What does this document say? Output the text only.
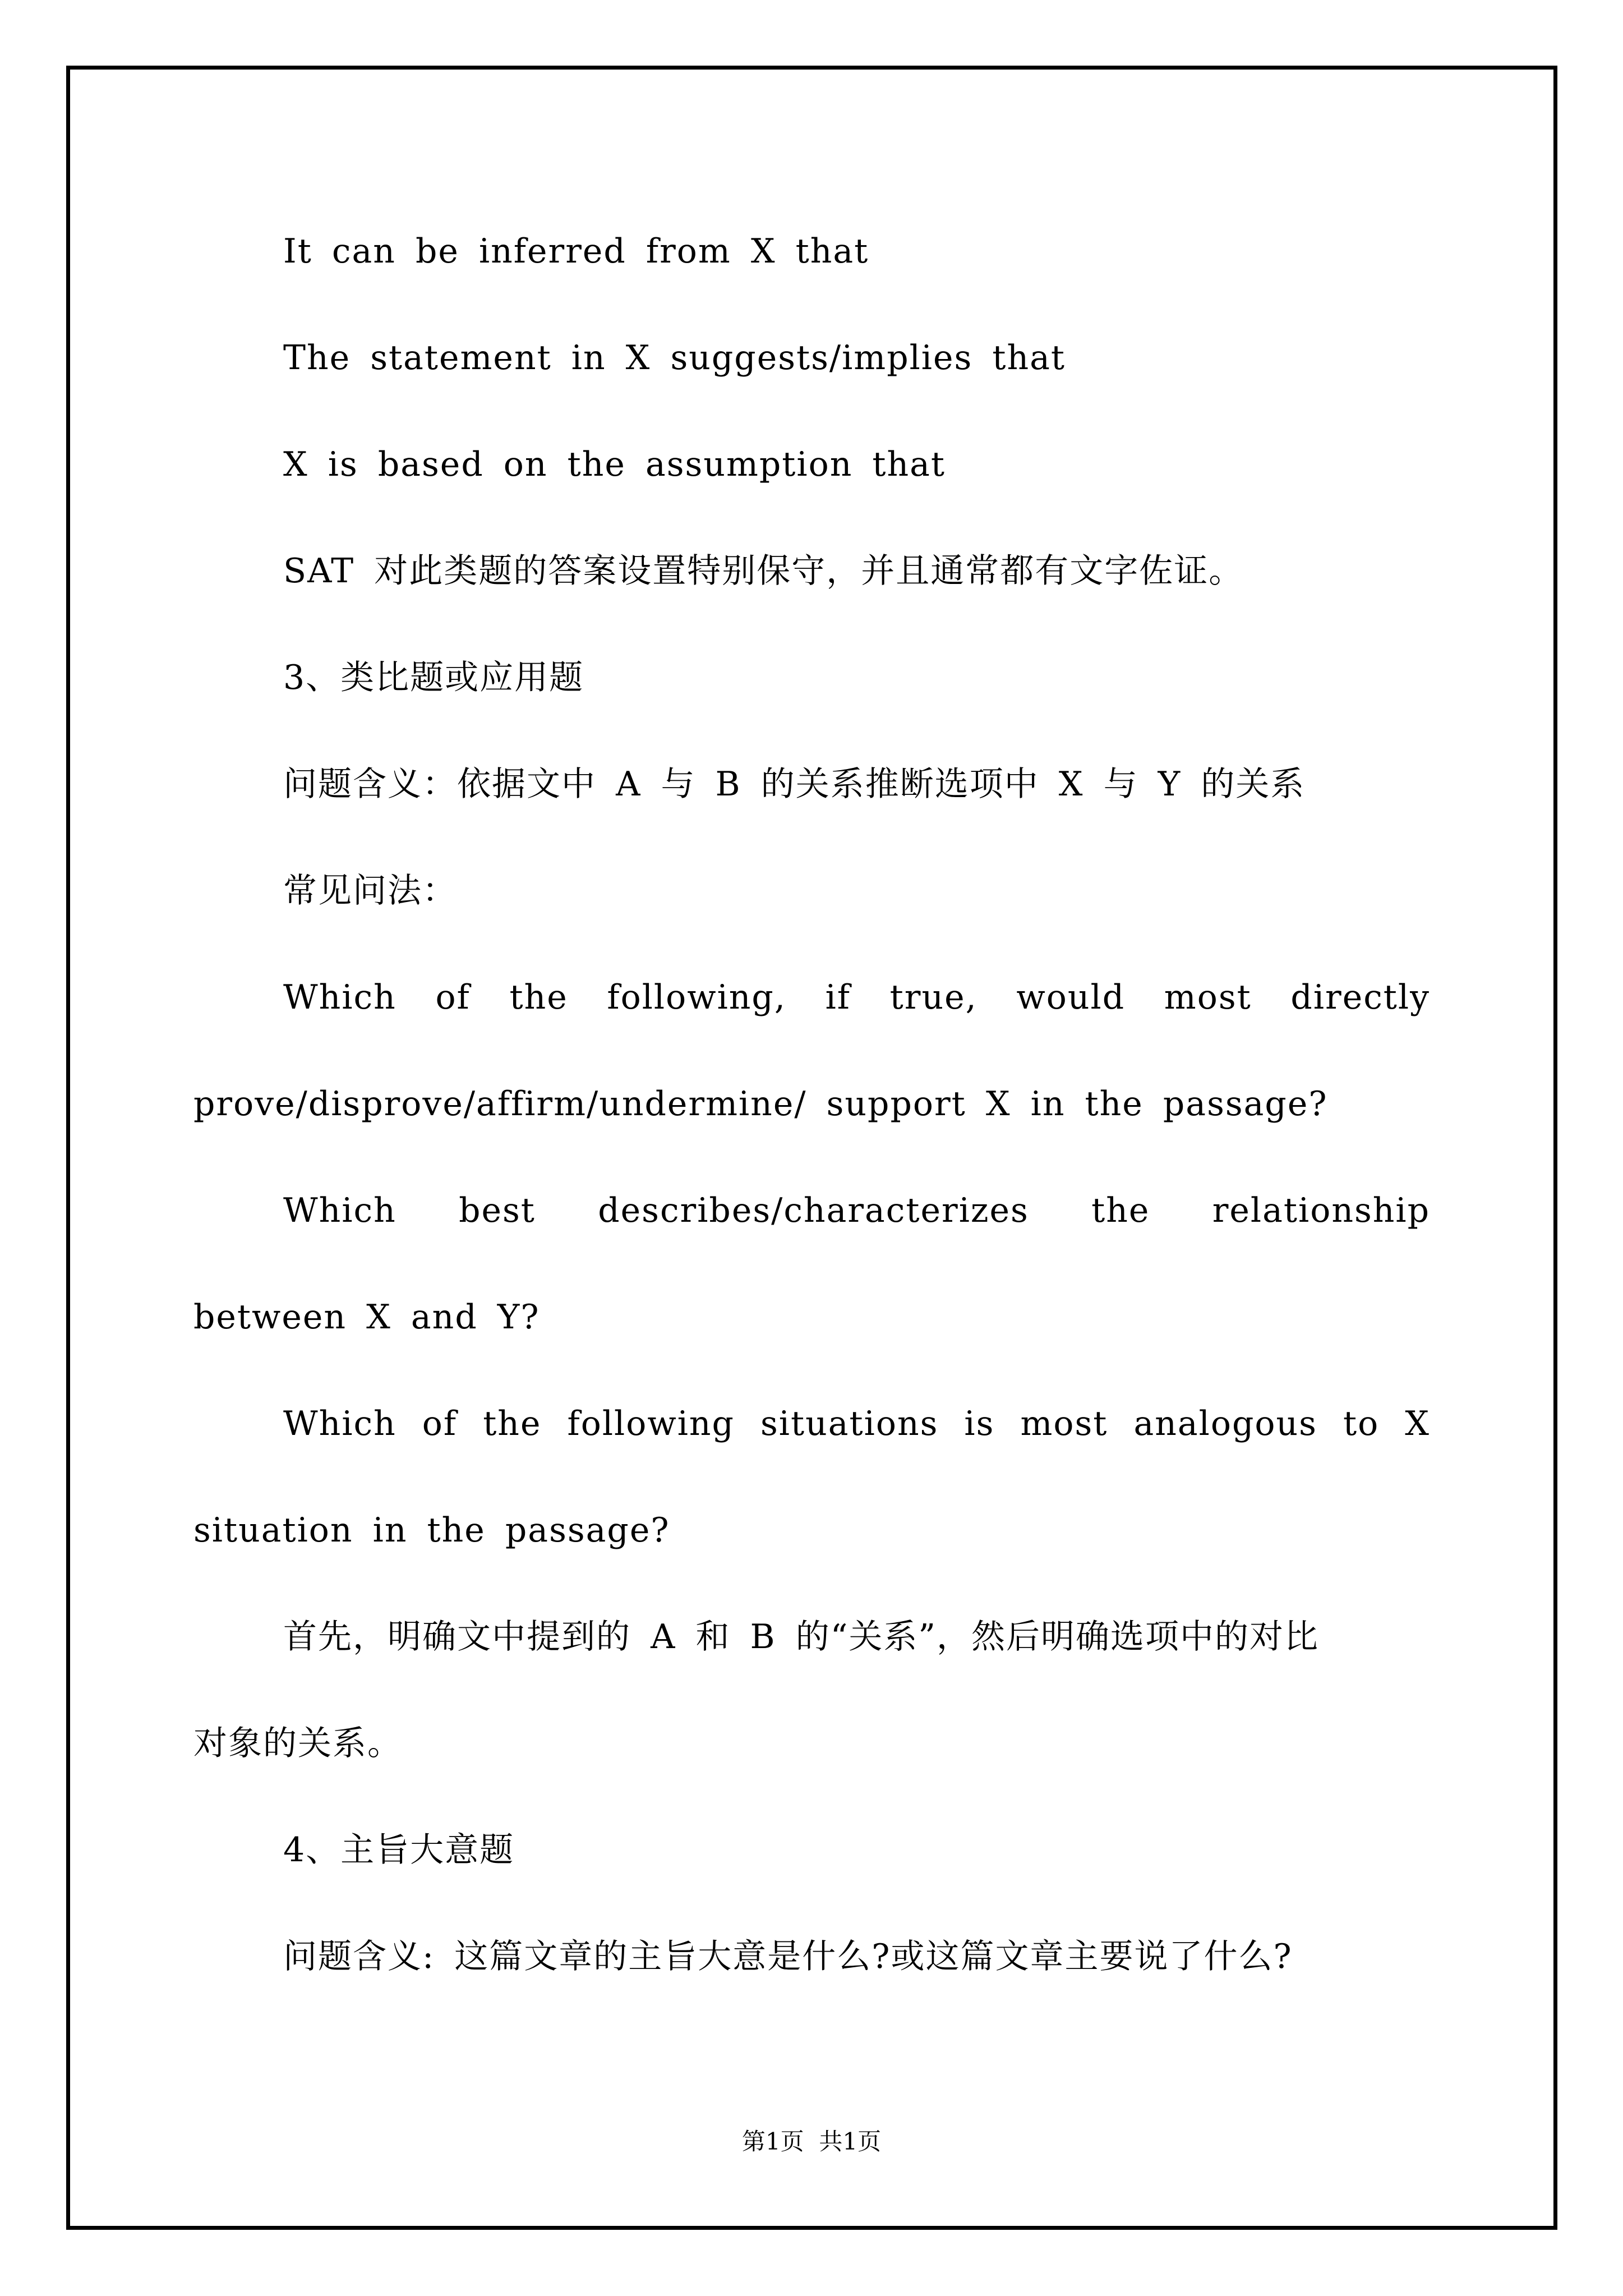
It can be inferred from X that
The statement in X suggests/implies that
X is based on the assumption that
SAT 对此类题的答案设置特别保守，并且通常都有文字佐证。
3、类比题或应用题
问题含义：依据文中 A 与 B 的关系推断选项中 X 与 Y 的关系
常见问法：
Which of the following, if true, would most directly
prove/disprove/affirm/undermine/ support X in the passage?
Which best describes/characterizes the relationship
between X and Y?
Which of the following situations is most analogous to X
situation in the passage?
首先，明确文中提到的 A 和 B 的“关系”，然后明确选项中的对比
对象的关系。
4、主旨大意题
问题含义: 这篇文章的主旨大意是什么?或这篇文章主要说了什么?
第1页  共1页
